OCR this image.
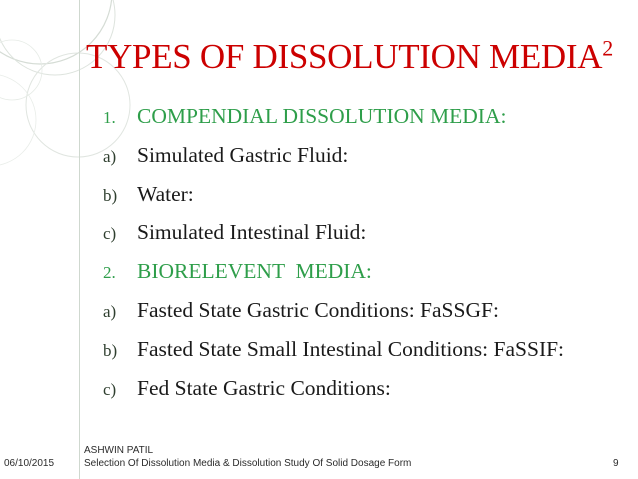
TYPES OF DISSOLUTION MEDIA$^2$
1. COMPENDIAL DISSOLUTION MEDIA:
a) Simulated Gastric Fluid:
b) Water:
c) Simulated Intestinal Fluid:
2. BIORELEVENT  MEDIA:
a) Fasted State Gastric Conditions: FaSSGF:
b) Fasted State Small Intestinal Conditions: FaSSIF:
c) Fed State Gastric Conditions:
ASHWIN PATIL
Selection Of Dissolution Media & Dissolution Study Of Solid Dosage Form
06/10/2015	9
